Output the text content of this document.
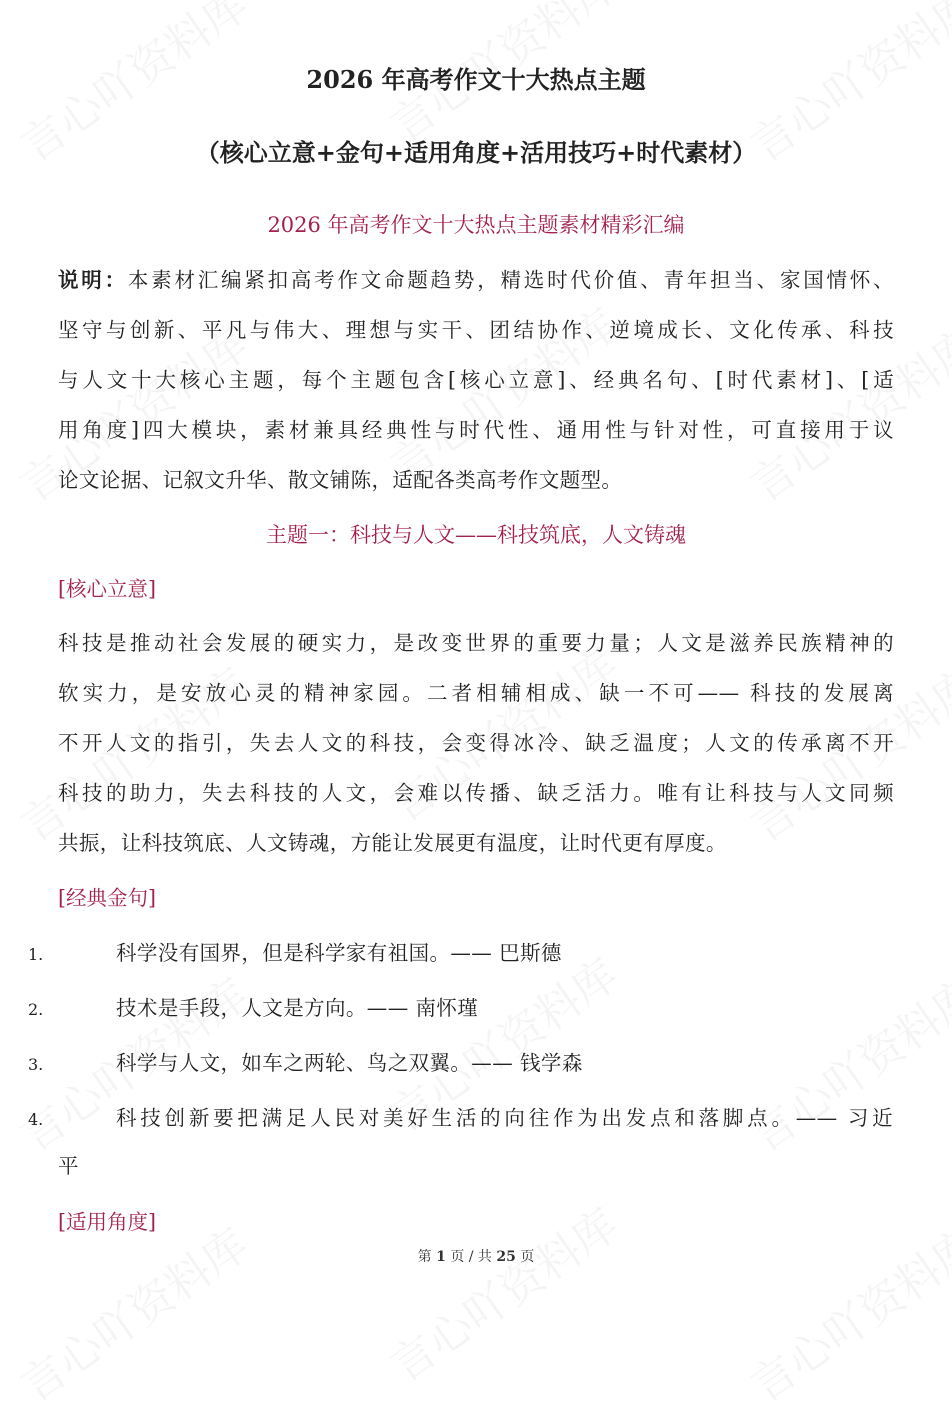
2026 年高考作文十大热点主题
（核心立意+金句+适用角度+活用技巧+时代素材）
2026 年高考作文十大热点主题素材精彩汇编
说明：本素材汇编紧扣高考作文命题趋势，精选时代价值、青年担当、家国情怀、
坚守与创新、平凡与伟大、理想与实干、团结协作、逆境成长、文化传承、科技
与人文十大核心主题，每个主题包含[核心立意]、经典名句、[时代素材]、[适
用角度]四大模块，素材兼具经典性与时代性、通用性与针对性，可直接用于议
论文论据、记叙文升华、散文铺陈，适配各类高考作文题型。
主题一：科技与人文——科技筑底，人文铸魂
[核心立意]
科技是推动社会发展的硬实力，是改变世界的重要力量；人文是滋养民族精神的
软实力，是安放心灵的精神家园。二者相辅相成、缺一不可—— 科技的发展离
不开人文的指引，失去人文的科技，会变得冰冷、缺乏温度；人文的传承离不开
科技的助力，失去科技的人文，会难以传播、缺乏活力。唯有让科技与人文同频
共振，让科技筑底、人文铸魂，方能让发展更有温度，让时代更有厚度。
[经典金句]
1.	科学没有国界，但是科学家有祖国。—— 巴斯德
2.	技术是手段，人文是方向。—— 南怀瑾
3.	科学与人文，如车之两轮、鸟之双翼。—— 钱学森
4.	科技创新要把满足人民对美好生活的向往作为出发点和落脚点。—— 习近
平
[适用角度]
第 1 页 / 共 25 页
